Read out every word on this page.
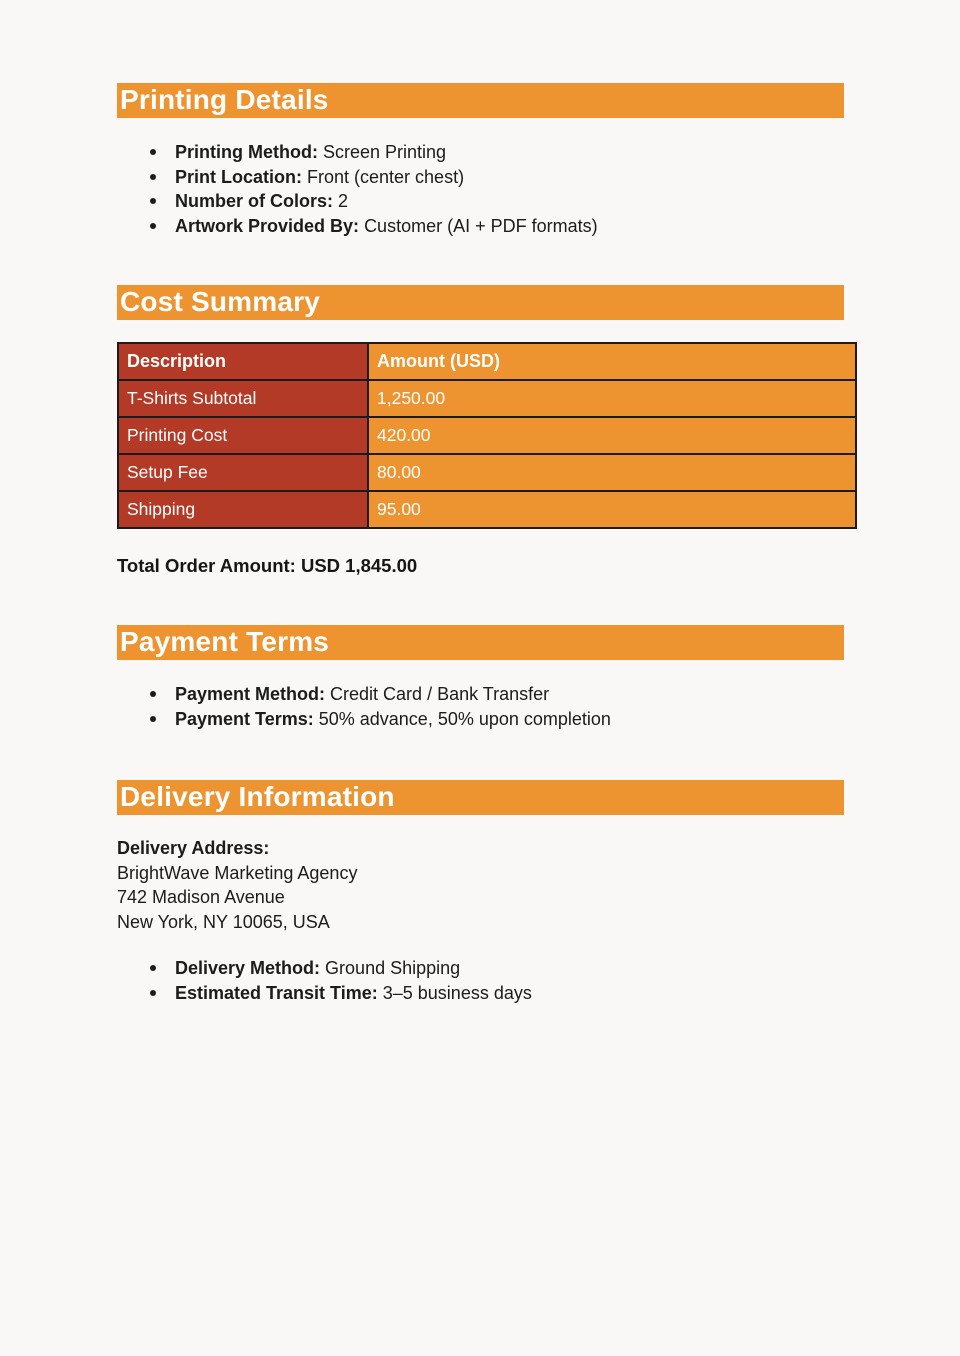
Printing Details
Printing Method: Screen Printing
Print Location: Front (center chest)
Number of Colors: 2
Artwork Provided By: Customer (AI + PDF formats)
Cost Summary
Description	Amount (USD)
T-Shirts Subtotal	1,250.00
Printing Cost	420.00
Setup Fee	80.00
Shipping	95.00
Total Order Amount: USD 1,845.00
Payment Terms
Payment Method: Credit Card / Bank Transfer
Payment Terms: 50% advance, 50% upon completion
Delivery Information
Delivery Address:
BrightWave Marketing Agency
742 Madison Avenue
New York, NY 10065, USA
Delivery Method: Ground Shipping
Estimated Transit Time: 3–5 business days
